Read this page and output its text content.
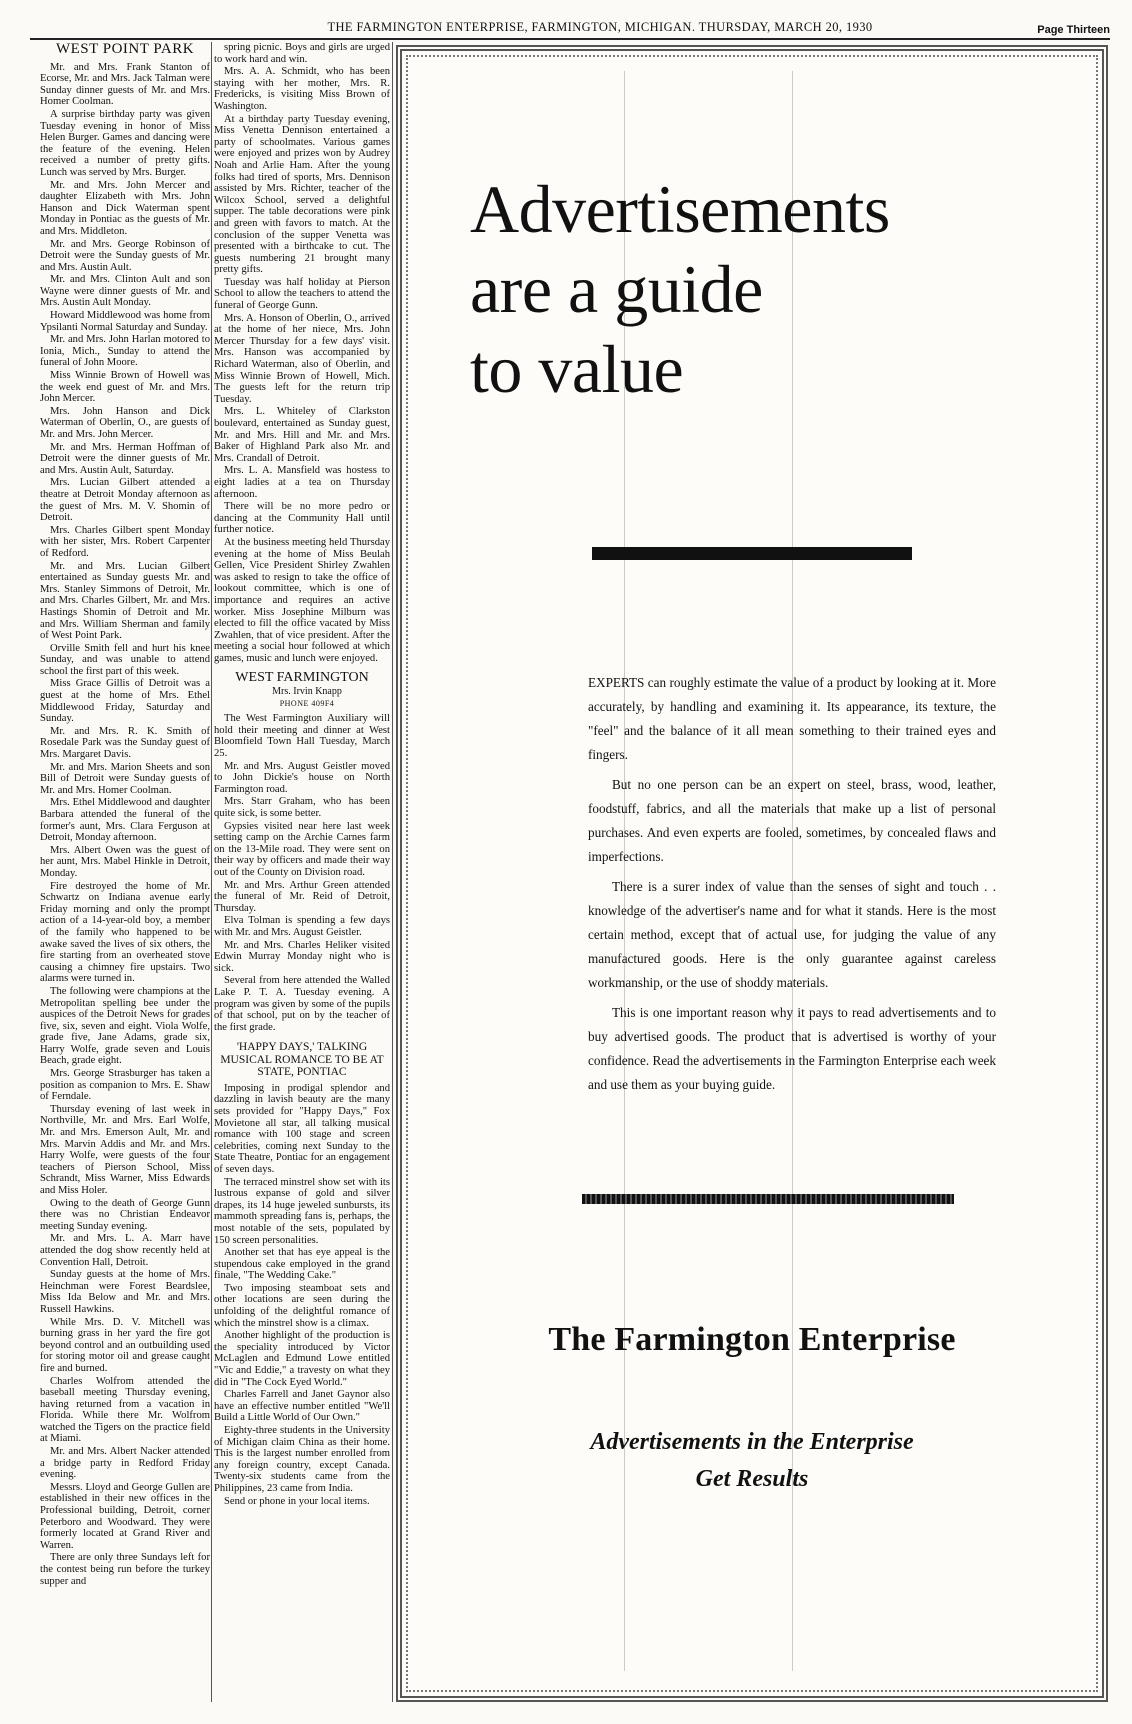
THE FARMINGTON ENTERPRISE, FARMINGTON, MICHIGAN. THURSDAY, MARCH 20, 1930	Page Thirteen
WEST POINT PARK

Mr. and Mrs. Frank Stanton of Ecorse, Mr. and Mrs. Jack Talman were Sunday dinner guests of Mr. and Mrs. Homer Coolman.

A surprise birthday party was given Tuesday evening in honor of Miss Helen Burger. Games and dancing were the feature of the evening. Helen received a number of pretty gifts. Lunch was served by Mrs. Burger.

Mr. and Mrs. John Mercer and daughter Elizabeth with Mrs. John Hanson and Dick Waterman spent Monday in Pontiac as the guests of Mr. and Mrs. Middleton.

Mr. and Mrs. George Robinson of Detroit were the Sunday guests of Mr. and Mrs. Austin Ault.

Mr. and Mrs. Clinton Ault and son Wayne were dinner guests of Mr. and Mrs. Austin Ault Monday.

Howard Middlewood was home from Ypsilanti Normal Saturday and Sunday.

Mr. and Mrs. John Harlan motored to Ionia, Mich., Sunday to attend the funeral of John Moore.

Miss Winnie Brown of Howell was the week end guest of Mr. and Mrs. John Mercer.

Mrs. John Hanson and Dick Waterman of Oberlin, O., are guests of Mr. and Mrs. John Mercer.

Mr. and Mrs. Herman Hoffman of Detroit were the dinner guests of Mr. and Mrs. Austin Ault, Saturday.

Mrs. Lucian Gilbert attended a theatre at Detroit Monday afternoon as the guest of Mrs. M. V. Shomin of Detroit.

Mrs. Charles Gilbert spent Monday with her sister, Mrs. Robert Carpenter of Redford.

Mr. and Mrs. Lucian Gilbert entertained as Sunday guests Mr. and Mrs. Stanley Simmons of Detroit, Mr. and Mrs. Charles Gilbert, Mr. and Mrs. Hastings Shomin of Detroit and Mr. and Mrs. William Sherman and family of West Point Park.

Orville Smith fell and hurt his knee Sunday, and was unable to attend school the first part of this week.

Miss Grace Gillis of Detroit was a guest at the home of Mrs. Ethel Middlewood Friday, Saturday and Sunday.

Mr. and Mrs. R. K. Smith of Rosedale Park was the Sunday guest of Mrs. Margaret Davis.

Mr. and Mrs. Marion Sheets and son Bill of Detroit were Sunday guests of Mr. and Mrs. Homer Coolman.

Mrs. Ethel Middlewood and daughter Barbara attended the funeral of the former's aunt, Mrs. Clara Ferguson at Detroit, Monday afternoon.

Mrs. Albert Owen was the guest of her aunt, Mrs. Mabel Hinkle in Detroit, Monday.

Fire destroyed the home of Mr. Schwartz on Indiana avenue early Friday morning and only the prompt action of a 14-year-old boy, a member of the family who happened to be awake saved the lives of six others, the fire starting from an overheated stove causing a chimney fire upstairs. Two alarms were turned in.

The following were champions at the Metropolitan spelling bee under the auspices of the Detroit News for grades five, six, seven and eight. Viola Wolfe, grade five, Jane Adams, grade six, Harry Wolfe, grade seven and Louis Beach, grade eight.

Mrs. George Strasburger has taken a position as companion to Mrs. E. Shaw of Ferndale.

Thursday evening of last week in Northville, Mr. and Mrs. Earl Wolfe, Mr. and Mrs. Emerson Ault, Mr. and Mrs. Marvin Addis and Mr. and Mrs. Harry Wolfe, were guests of the four teachers of Pierson School, Miss Schrandt, Miss Warner, Miss Edwards and Miss Holer.

Owing to the death of George Gunn there was no Christian Endeavor meeting Sunday evening.

Mr. and Mrs. L. A. Marr have attended the dog show recently held at Convention Hall, Detroit.

Sunday guests at the home of Mrs. Heinchman were Forest Beardslee, Miss Ida Below and Mr. and Mrs. Russell Hawkins.

While Mrs. D. V. Mitchell was burning grass in her yard the fire got beyond control and an outbuilding used for storing motor oil and grease caught fire and burned.

Charles Wolfrom attended the baseball meeting Thursday evening, having returned from a vacation in Florida. While there Mr. Wolfrom watched the Tigers on the practice field at Miami.

Mr. and Mrs. Albert Nacker attended a bridge party in Redford Friday evening.

Messrs. Lloyd and George Gullen are established in their new offices in the Professional building, Detroit, corner Peterboro and Woodward. They were formerly located at Grand River and Warren.

There are only three Sundays left for the contest being run before the turkey supper and

spring picnic. Boys and girls are urged to work hard and win.

Mrs. A. A. Schmidt, who has been staying with her mother, Mrs. R. Fredericks, is visiting Miss Brown of Washington.

At a birthday party Tuesday evening, Miss Venetta Dennison entertained a party of schoolmates. Various games were enjoyed and prizes won by Audrey Noah and Arlie Ham. After the young folks had tired of sports, Mrs. Dennison assisted by Mrs. Richter, teacher of the Wilcox School, served a delightful supper. The table decorations were pink and green with favors to match. At the conclusion of the supper Venetta was presented with a birthcake to cut. The guests numbering 21 brought many pretty gifts.

Tuesday was half holiday at Pierson School to allow the teachers to attend the funeral of George Gunn.

Mrs. A. Honson of Oberlin, O., arrived at the home of her niece, Mrs. John Mercer Thursday for a few days' visit. Mrs. Hanson was accompanied by Richard Waterman, also of Oberlin, and Miss Winnie Brown of Howell, Mich. The guests left for the return trip Tuesday.

Mrs. L. Whiteley of Clarkston boulevard, entertained as Sunday guest, Mr. and Mrs. Hill and Mr. and Mrs. Baker of Highland Park also Mr. and Mrs. Crandall of Detroit.

Mrs. L. A. Mansfield was hostess to eight ladies at a tea on Thursday afternoon.

There will be no more pedro or dancing at the Community Hall until further notice.

At the business meeting held Thursday evening at the home of Miss Beulah Gellen, Vice President Shirley Zwahlen was asked to resign to take the office of lookout committee, which is one of importance and requires an active worker. Miss Josephine Milburn was elected to fill the office vacated by Miss Zwahlen, that of vice president. After the meeting a social hour followed at which games, music and lunch were enjoyed.

WEST FARMINGTON

Mrs. Irvin Knapp

PHONE 409F4

The West Farmington Auxiliary will hold their meeting and dinner at West Bloomfield Town Hall Tuesday, March 25.

Mr. and Mrs. August Geistler moved to John Dickie's house on North Farmington road.

Mrs. Starr Graham, who has been quite sick, is some better.

Gypsies visited near here last week setting camp on the Archie Carnes farm on the 13-Mile road. They were sent on their way by officers and made their way out of the County on Division road.

Mr. and Mrs. Arthur Green attended the funeral of Mr. Reid of Detroit, Thursday.

Elva Tolman is spending a few days with Mr. and Mrs. August Geistler.

Mr. and Mrs. Charles Heliker visited Edwin Murray Monday night who is sick.

Several from here attended the Walled Lake P. T. A. Tuesday evening. A program was given by some of the pupils of that school, put on by the teacher of the first grade.

'HAPPY DAYS,' TALKING MUSICAL ROMANCE TO BE AT STATE, PONTIAC

Imposing in prodigal splendor and dazzling in lavish beauty are the many sets provided for "Happy Days," Fox Movietone all star, all talking musical romance with 100 stage and screen celebrities, coming next Sunday to the State Theatre, Pontiac for an engagement of seven days.

The terraced minstrel show set with its lustrous expanse of gold and silver drapes, its 14 huge jeweled sunbursts, its mammoth spreading fans is, perhaps, the most notable of the sets, populated by 150 screen personalities.

Another set that has eye appeal is the stupendous cake employed in the grand finale, "The Wedding Cake."

Two imposing steamboat sets and other locations are seen during the unfolding of the delightful romance of which the minstrel show is a climax.

Another highlight of the production is the speciality introduced by Victor McLaglen and Edmund Lowe entitled "Vic and Eddie," a travesty on what they did in "The Cock Eyed World."

Charles Farrell and Janet Gaynor also have an effective number entitled "We'll Build a Little World of Our Own."

Eighty-three students in the University of Michigan claim China as their home. This is the largest number enrolled from any foreign country, except Canada. Twenty-six students came from the Philippines, 23 came from India.

Send or phone in your local items.

Advertisements
are a guide
to value

EXPERTS can roughly estimate the value of a product by looking at it. More accurately, by handling and examining it. Its appearance, its texture, the "feel" and the balance of it all mean something to their trained eyes and fingers.

But no one person can be an expert on steel, brass, wood, leather, foodstuff, fabrics, and all the materials that make up a list of personal purchases. And even experts are fooled, sometimes, by concealed flaws and imperfections.

There is a surer index of value than the senses of sight and touch . . knowledge of the advertiser's name and for what it stands. Here is the most certain method, except that of actual use, for judging the value of any manufactured goods. Here is the only guarantee against careless workmanship, or the use of shoddy materials.

This is one important reason why it pays to read advertisements and to buy advertised goods. The product that is advertised is worthy of your confidence. Read the advertisements in the Farmington Enterprise each week and use them as your buying guide.

The Farmington Enterprise
Advertisements in the Enterprise
Get Results
